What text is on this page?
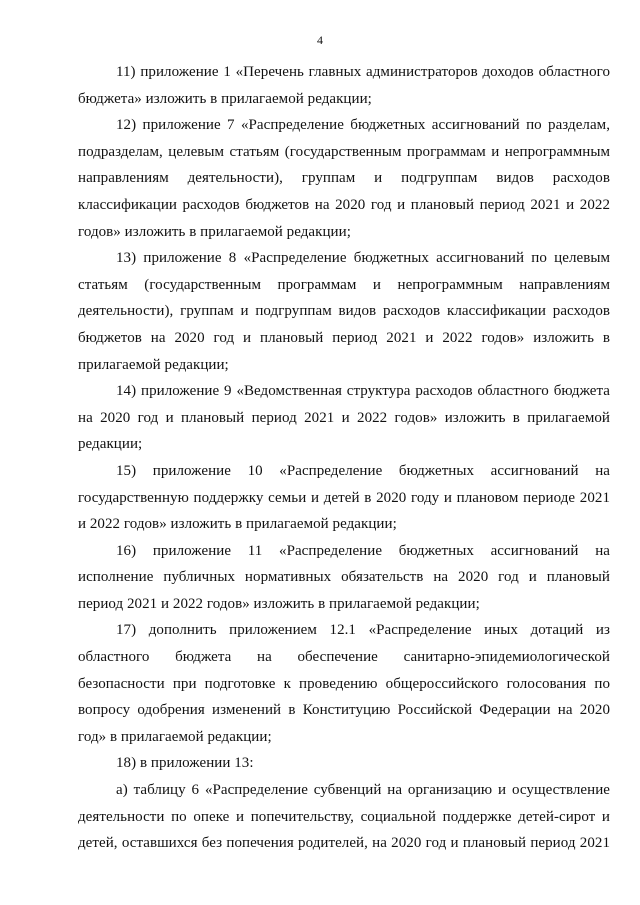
4

11) приложение 1 «Перечень главных администраторов доходов областного бюджета» изложить в прилагаемой редакции;

12) приложение 7 «Распределение бюджетных ассигнований по разделам, подразделам, целевым статьям (государственным программам и непрограммным направлениям деятельности), группам и подгруппам видов расходов классификации расходов бюджетов на 2020 год и плановый период 2021 и 2022 годов» изложить в прилагаемой редакции;

13) приложение 8 «Распределение бюджетных ассигнований по целевым статьям (государственным программам и непрограммным направлениям деятельности), группам и подгруппам видов расходов классификации расходов бюджетов на 2020 год и плановый период 2021 и 2022 годов» изложить в прилагаемой редакции;

14) приложение 9 «Ведомственная структура расходов областного бюджета на 2020 год и плановый период 2021 и 2022 годов» изложить в прилагаемой редакции;

15) приложение 10 «Распределение бюджетных ассигнований на государственную поддержку семьи и детей в 2020 году и плановом периоде 2021 и 2022 годов» изложить в прилагаемой редакции;

16) приложение 11 «Распределение бюджетных ассигнований на исполнение публичных нормативных обязательств на 2020 год и плановый период 2021 и 2022 годов» изложить в прилагаемой редакции;

17) дополнить приложением 12.1 «Распределение иных дотаций из областного бюджета на обеспечение санитарно-эпидемиологической безопасности при подготовке к проведению общероссийского голосования по вопросу одобрения изменений в Конституцию Российской Федерации на 2020 год» в прилагаемой редакции;

18) в приложении 13:

а) таблицу 6 «Распределение субвенций на организацию и осуществление деятельности по опеке и попечительству, социальной поддержке детей-сирот и детей, оставшихся без попечения родителей, на 2020 год и плановый период 2021
